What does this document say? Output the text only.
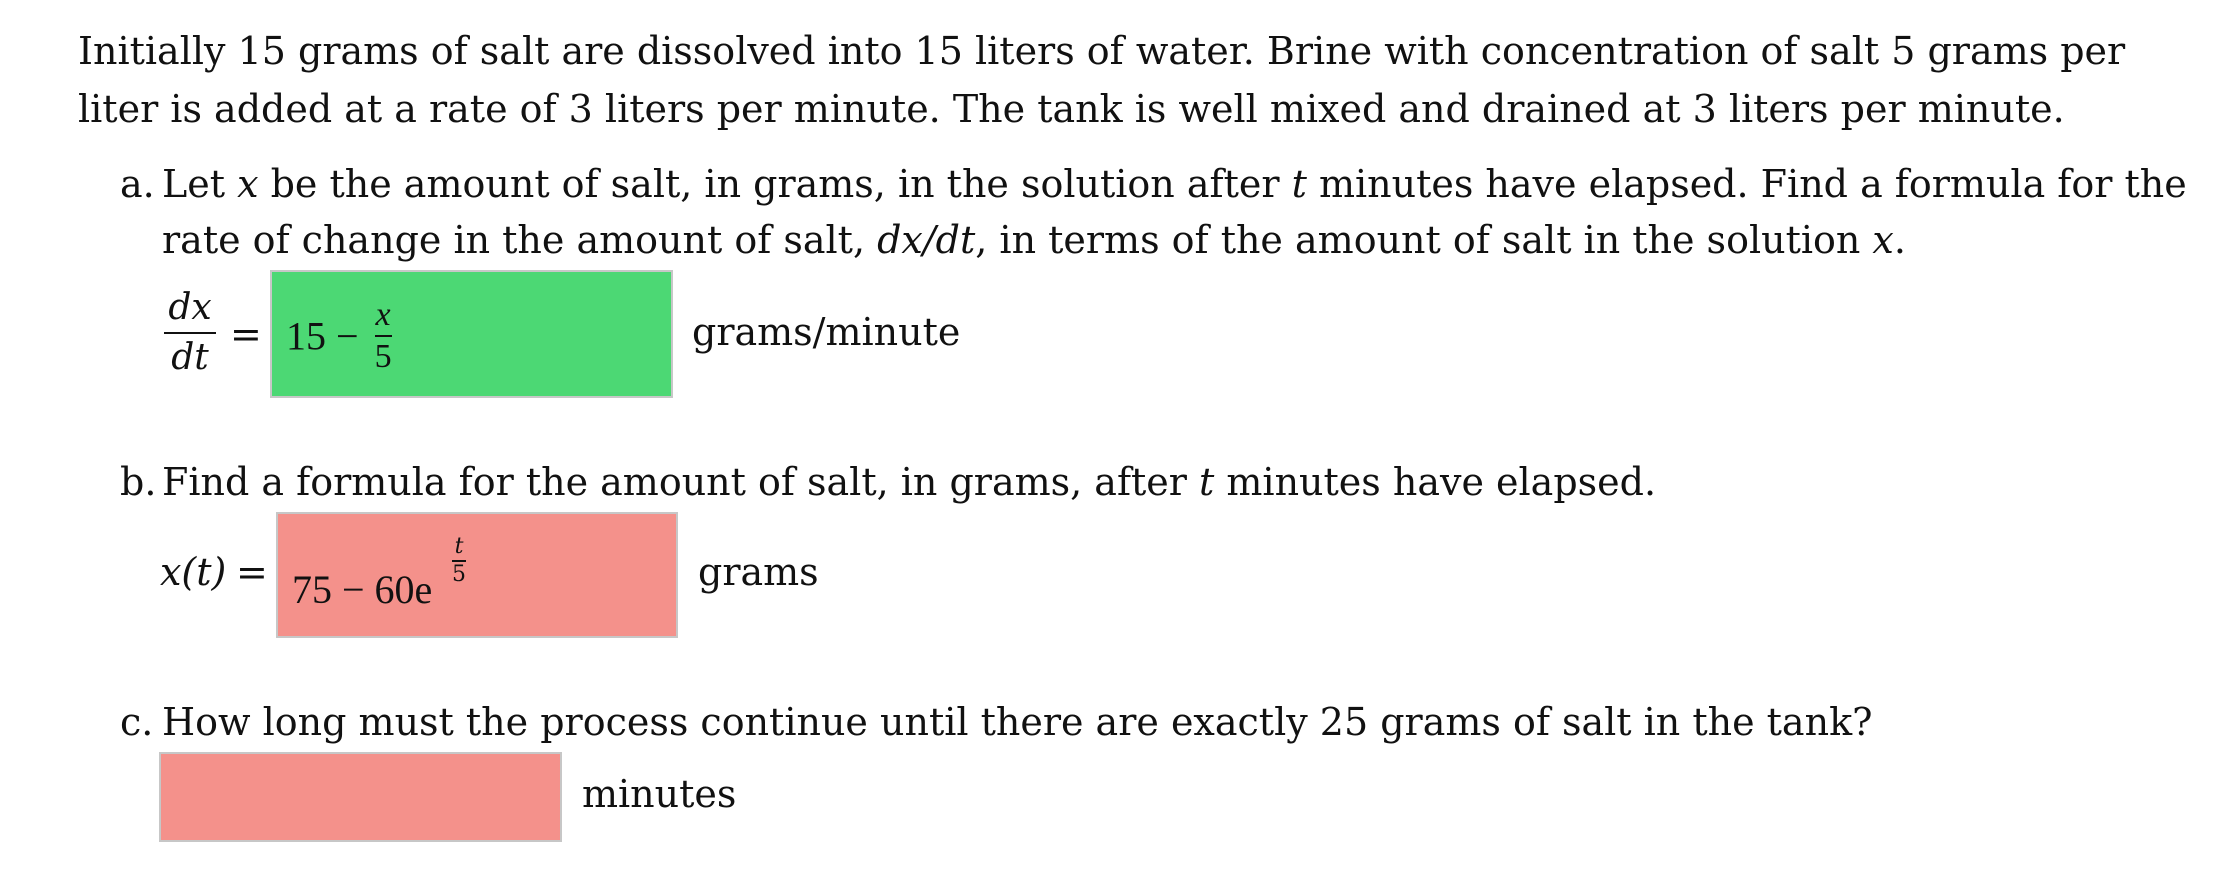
Initially 15 grams of salt are dissolved into 15 liters of water. Brine with concentration of salt 5 grams per liter is added at a rate of 3 liters per minute. The tank is well mixed and drained at 3 liters per minute.

a. Let x be the amount of salt, in grams, in the solution after t minutes have elapsed. Find a formula for the rate of change in the amount of salt, dx/dt, in terms of the amount of salt in the solution x.
dx
dt
= $15 - \frac{x}{5}$	grams/minute
b. Find a formula for the amount of salt, in grams, after t minutes have elapsed.
x(t) = 75 − 60e
t
5	grams
c. How long must the process continue until there are exactly 25 grams of salt in the tank?
minutes
